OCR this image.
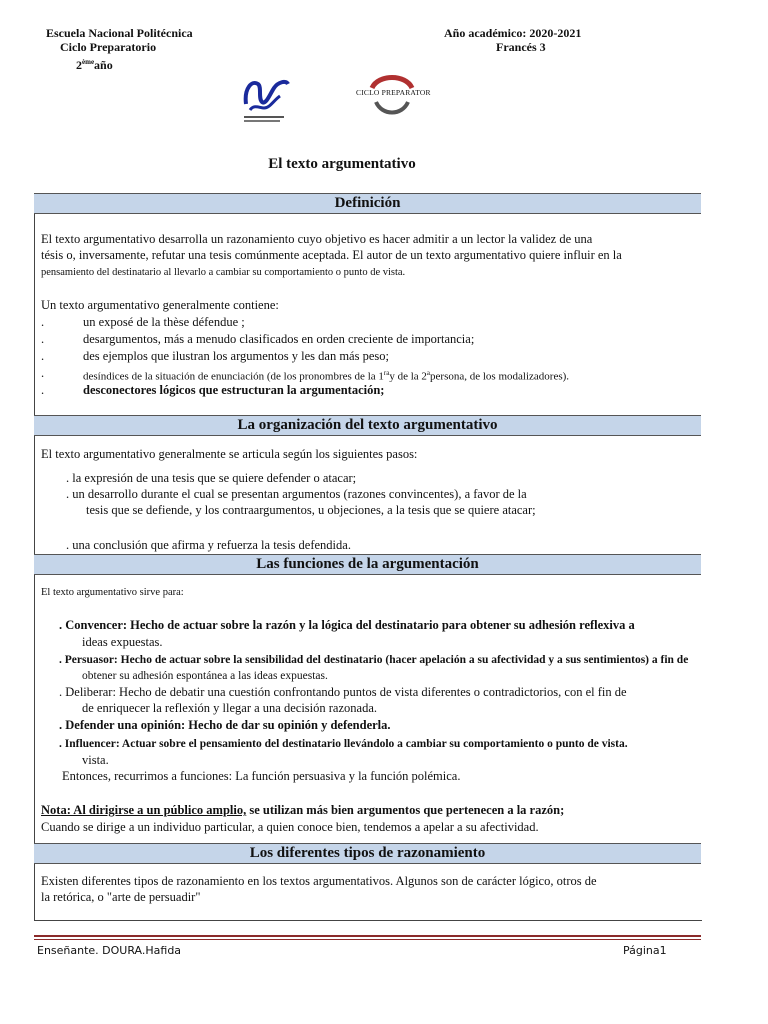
Escuela Nacional Politécnica
Ciclo Preparatorio
2èmeaño
Año académico: 2020-2021
Francés 3
CICLO PREPARATOR
El texto argumentativo
Definición
El texto argumentativo desarrolla un razonamiento cuyo objetivo es hacer admitir a un lector la validez de una
tésis o, inversamente, refutar una tesis comúnmente aceptada. El autor de un texto argumentativo quiere influir en la
pensamiento del destinatario al llevarlo a cambiar su comportamiento o punto de vista.
Un texto argumentativo generalmente contiene:
.	un exposé de la thèse défendue ;
.	desargumentos, más a menudo clasificados en orden creciente de importancia;
.	des ejemplos que ilustran los argumentos y les dan más peso;
.	desíndices de la situación de enunciación (de los pronombres de la $1^{ra}y$ de la 2$^a$persona, de los modalizadores).
.	desconectores lógicos que estructuran la argumentación;
La organización del texto argumentativo
El texto argumentativo generalmente se articula según los siguientes pasos:
. la expresión de una tesis que se quiere defender o atacar;
. un desarrollo durante el cual se presentan argumentos (razones convincentes), a favor de la
tesis que se defiende, y los contraargumentos, u objeciones, a la tesis que se quiere atacar;
. una conclusión que afirma y refuerza la tesis defendida.
Las funciones de la argumentación
El texto argumentativo sirve para:
. Convencer: Hecho de actuar sobre la razón y la lógica del destinatario para obtener su adhesión reflexiva a
ideas expuestas.
. Persuasor: Hecho de actuar sobre la sensibilidad del destinatario (hacer apelación a su afectividad y a sus sentimientos) a fin de
obtener su adhesión espontánea a las ideas expuestas.
. Deliberar: Hecho de debatir una cuestión confrontando puntos de vista diferentes o contradictorios, con el fin de
de enriquecer la reflexión y llegar a una decisión razonada.
. Defender una opinión: Hecho de dar su opinión y defenderla.
. Influencer: Actuar sobre el pensamiento del destinatario llevándolo a cambiar su comportamiento o punto de vista.
vista.
Entonces, recurrimos a funciones: La función persuasiva y la función polémica.
Nota: Al dirigirse a un público amplio, se utilizan más bien argumentos que pertenecen a la razón;
Cuando se dirige a un individuo particular, a quien conoce bien, tendemos a apelar a su afectividad.
Los diferentes tipos de razonamiento
Existen diferentes tipos de razonamiento en los textos argumentativos. Algunos son de carácter lógico, otros de
la retórica, o "arte de persuadir"
Enseñante. DOURA.Hafida	Página1
